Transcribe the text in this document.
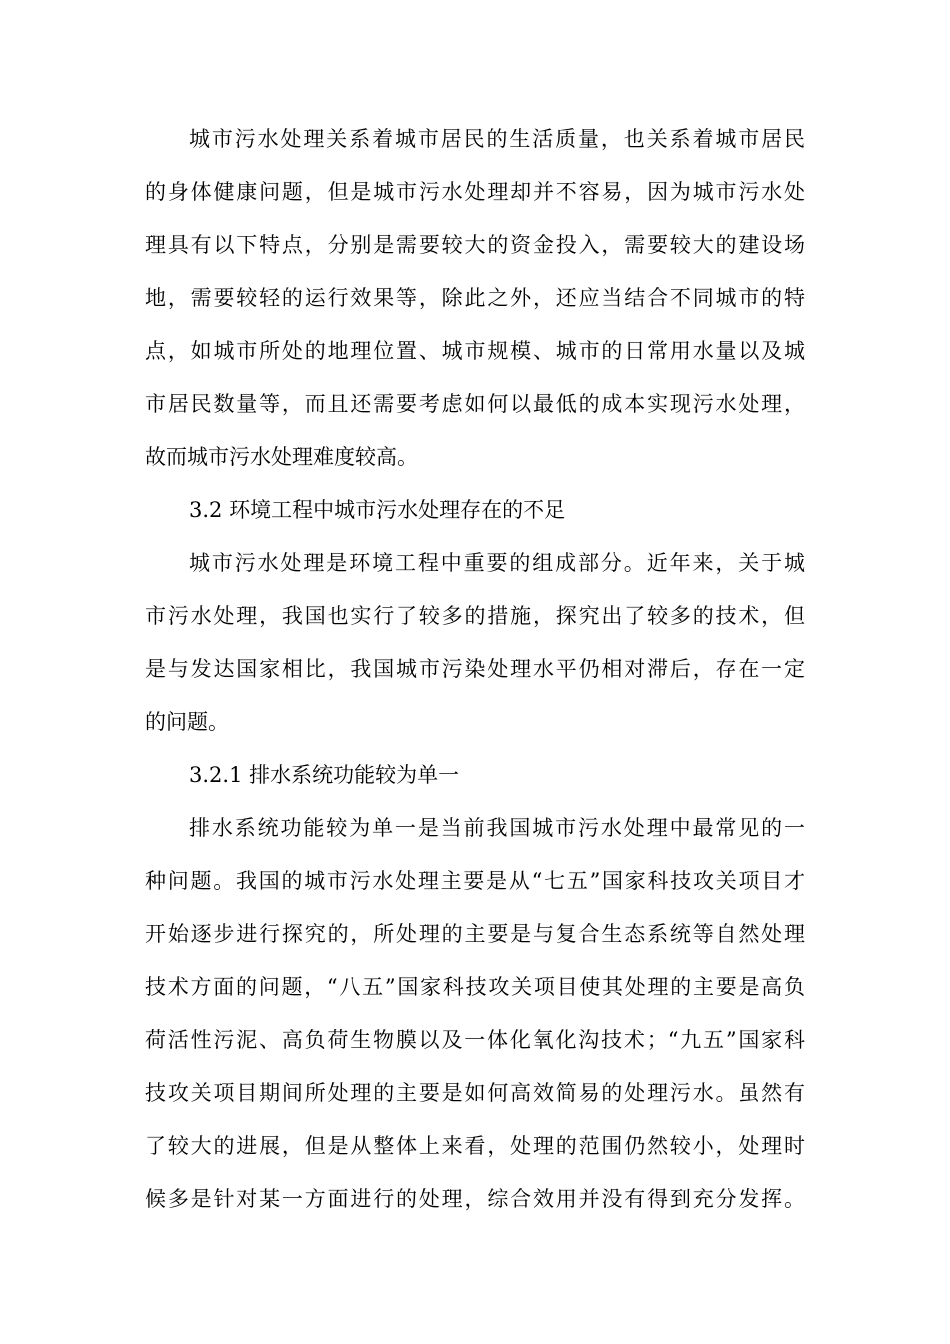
城市污水处理关系着城市居民的生活质量，也关系着城市居民
的身体健康问题，但是城市污水处理却并不容易，因为城市污水处
理具有以下特点，分别是需要较大的资金投入，需要较大的建设场
地，需要较轻的运行效果等，除此之外，还应当结合不同城市的特
点，如城市所处的地理位置、城市规模、城市的日常用水量以及城
市居民数量等，而且还需要考虑如何以最低的成本实现污水处理，
故而城市污水处理难度较高。
3.2 环境工程中城市污水处理存在的不足
城市污水处理是环境工程中重要的组成部分。近年来，关于城
市污水处理，我国也实行了较多的措施，探究出了较多的技术，但
是与发达国家相比，我国城市污染处理水平仍相对滞后，存在一定
的问题。
3.2.1 排水系统功能较为单一
排水系统功能较为单一是当前我国城市污水处理中最常见的一
种问题。我国的城市污水处理主要是从“七五”国家科技攻关项目才
开始逐步进行探究的，所处理的主要是与复合生态系统等自然处理
技术方面的问题，“八五”国家科技攻关项目使其处理的主要是高负
荷活性污泥、高负荷生物膜以及一体化氧化沟技术；“九五”国家科
技攻关项目期间所处理的主要是如何高效简易的处理污水。虽然有
了较大的进展，但是从整体上来看，处理的范围仍然较小，处理时
候多是针对某一方面进行的处理，综合效用并没有得到充分发挥。
